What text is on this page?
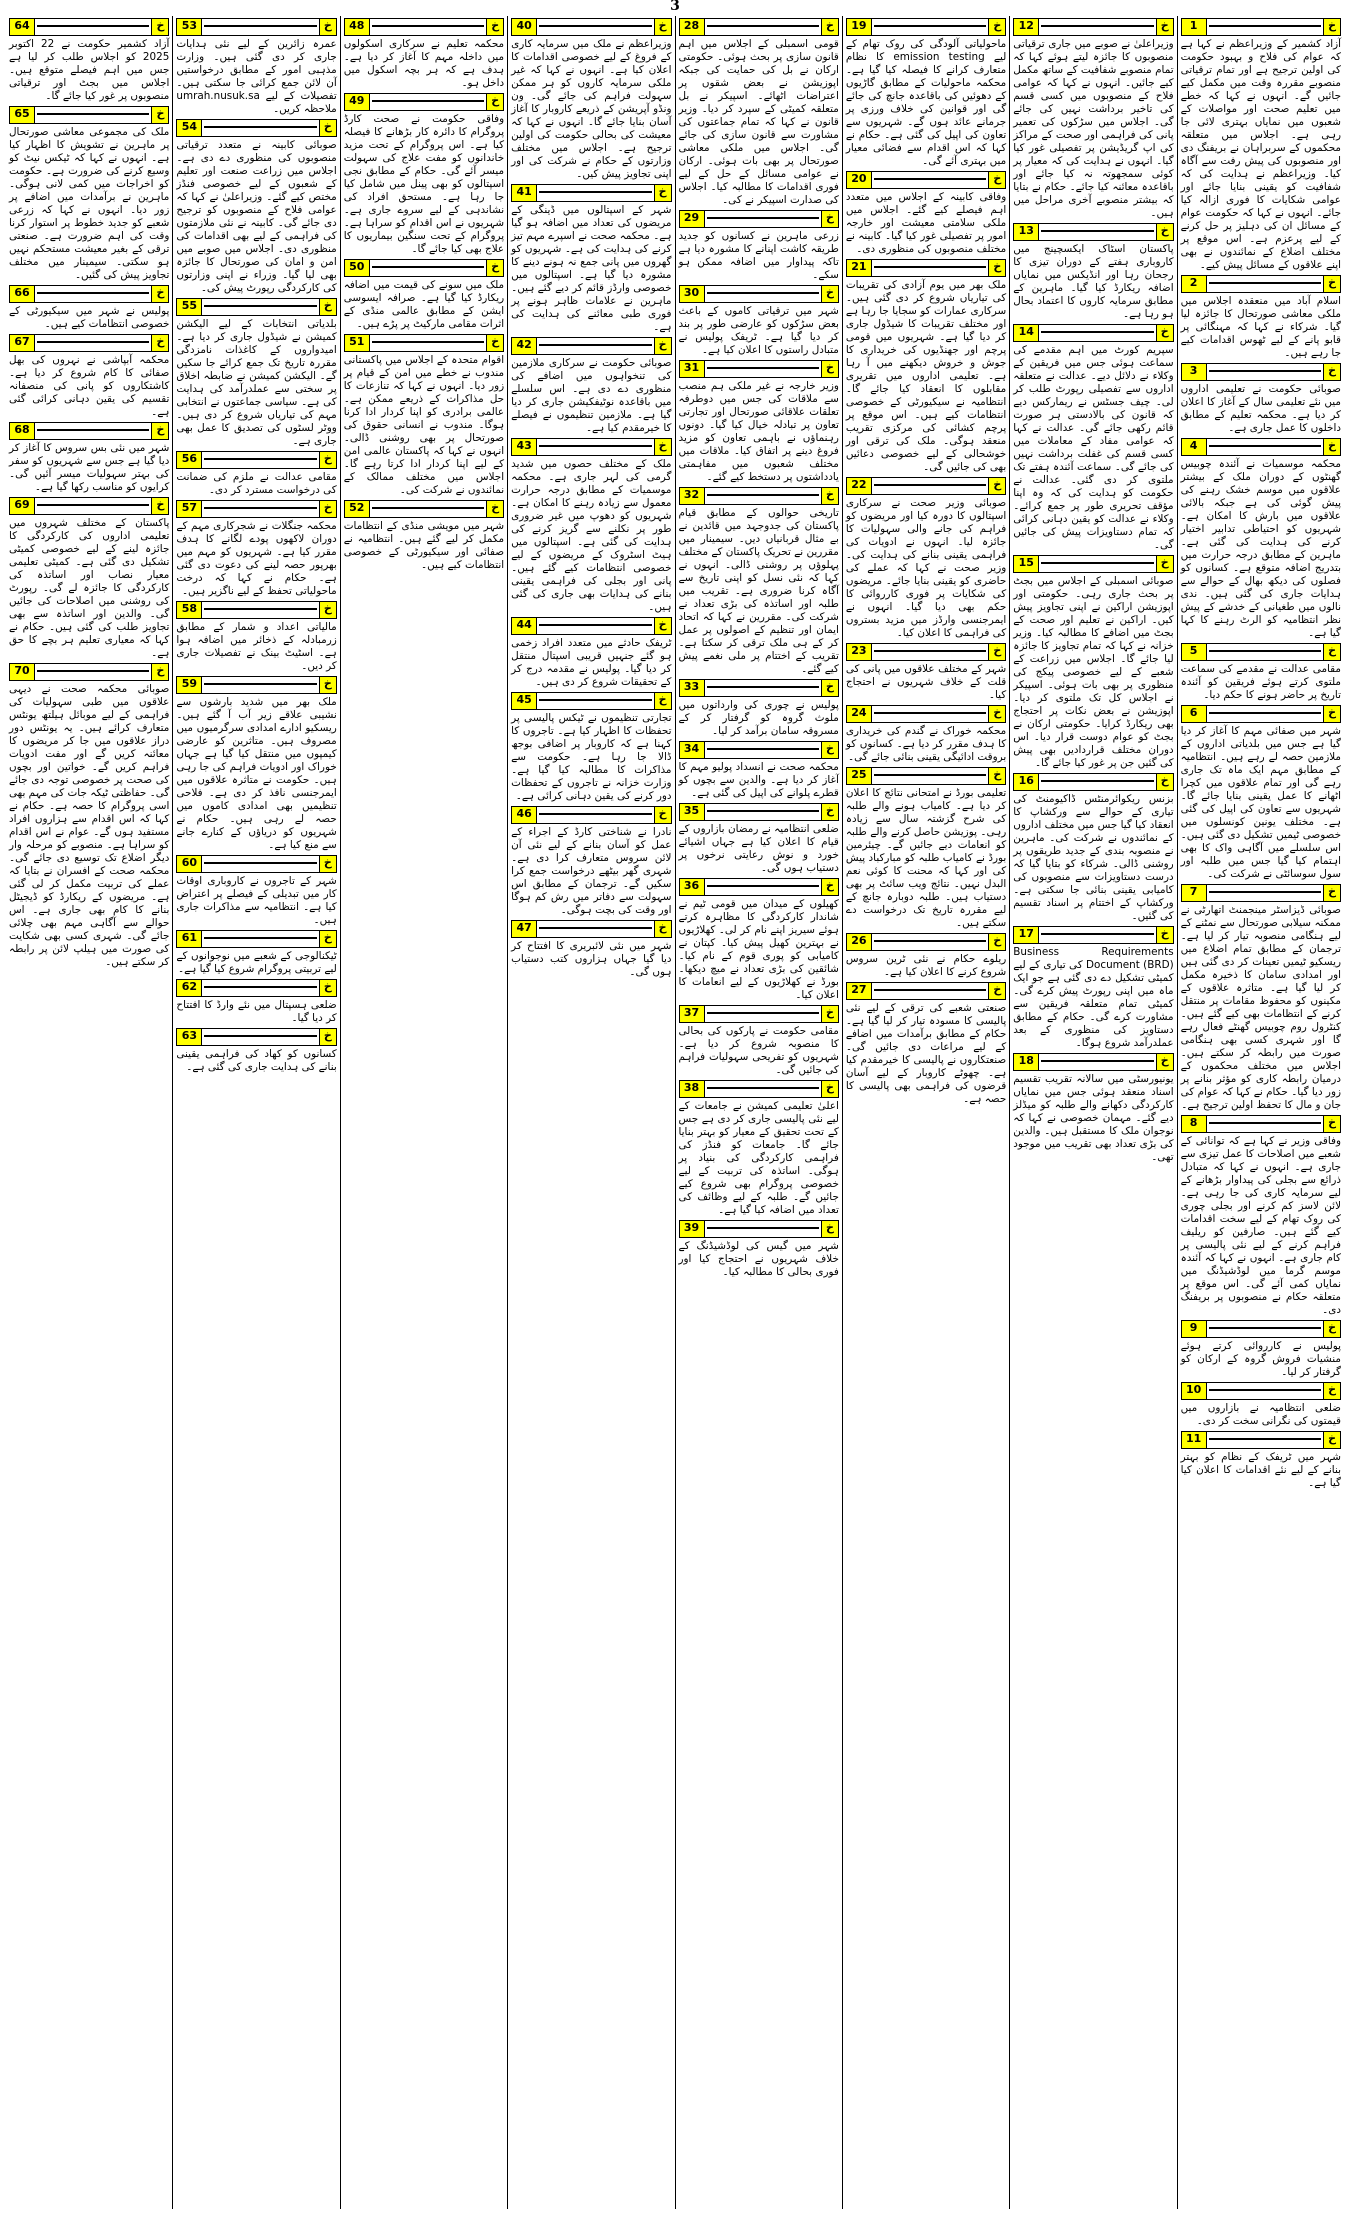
3
64	خ

آزاد کشمیر حکومت نے 22 اکتوبر 2025 کو اجلاس طلب کر لیا ہے جس میں اہم فیصلے متوقع ہیں۔ اجلاس میں بجٹ اور ترقیاتی منصوبوں پر غور کیا جائے گا۔

65	خ

ملک کی مجموعی معاشی صورتحال پر ماہرین نے تشویش کا اظہار کیا ہے۔ انہوں نے کہا کہ ٹیکس نیٹ کو وسیع کرنے کی ضرورت ہے۔ حکومت کو اخراجات میں کمی لانی ہوگی۔ ماہرین نے برآمدات میں اضافے پر زور دیا۔ انہوں نے کہا کہ زرعی شعبے کو جدید خطوط پر استوار کرنا وقت کی اہم ضرورت ہے۔ صنعتی ترقی کے بغیر معیشت مستحکم نہیں ہو سکتی۔ سیمینار میں مختلف تجاویز پیش کی گئیں۔

66	خ

پولیس نے شہر میں سیکیورٹی کے خصوصی انتظامات کیے ہیں۔

67	خ

محکمہ آبپاشی نے نہروں کی بھل صفائی کا کام شروع کر دیا ہے۔ کاشتکاروں کو پانی کی منصفانہ تقسیم کی یقین دہانی کرائی گئی ہے۔

68	خ

شہر میں نئی بس سروس کا آغاز کر دیا گیا ہے جس سے شہریوں کو سفر کی بہتر سہولیات میسر آئیں گی۔ کرایوں کو مناسب رکھا گیا ہے۔

69	خ

پاکستان کے مختلف شہروں میں تعلیمی اداروں کی کارکردگی کا جائزہ لینے کے لیے خصوصی کمیٹی تشکیل دی گئی ہے۔ کمیٹی تعلیمی معیار نصاب اور اساتذہ کی کارکردگی کا جائزہ لے گی۔ رپورٹ کی روشنی میں اصلاحات کی جائیں گی۔ والدین اور اساتذہ سے بھی تجاویز طلب کی گئی ہیں۔ حکام نے کہا کہ معیاری تعلیم ہر بچے کا حق ہے۔

70	خ

صوبائی محکمہ صحت نے دیہی علاقوں میں طبی سہولیات کی فراہمی کے لیے موبائل ہیلتھ یونٹس متعارف کرائے ہیں۔ یہ یونٹس دور دراز علاقوں میں جا کر مریضوں کا معائنہ کریں گے اور مفت ادویات فراہم کریں گے۔ خواتین اور بچوں کی صحت پر خصوصی توجہ دی جائے گی۔ حفاظتی ٹیکہ جات کی مہم بھی اسی پروگرام کا حصہ ہے۔ حکام نے کہا کہ اس اقدام سے ہزاروں افراد مستفید ہوں گے۔ عوام نے اس اقدام کو سراہا ہے۔ منصوبے کو مرحلہ وار دیگر اضلاع تک توسیع دی جائے گی۔ محکمہ صحت کے افسران نے بتایا کہ عملے کی تربیت مکمل کر لی گئی ہے۔ مریضوں کے ریکارڈ کو ڈیجیٹل بنانے کا کام بھی جاری ہے۔ اس حوالے سے آگاہی مہم بھی چلائی جائے گی۔ شہری کسی بھی شکایت کی صورت میں ہیلپ لائن پر رابطہ کر سکتے ہیں۔

53	خ

عمرہ زائرین کے لیے نئی ہدایات جاری کر دی گئی ہیں۔ وزارت مذہبی امور کے مطابق درخواستیں آن لائن جمع کرائی جا سکتی ہیں۔ تفصیلات کے لیے umrah.nusuk.sa ملاحظہ کریں۔

54	خ

صوبائی کابینہ نے متعدد ترقیاتی منصوبوں کی منظوری دے دی ہے۔ اجلاس میں زراعت صنعت اور تعلیم کے شعبوں کے لیے خصوصی فنڈز مختص کیے گئے۔ وزیراعلیٰ نے کہا کہ عوامی فلاح کے منصوبوں کو ترجیح دی جائے گی۔ کابینہ نے نئی ملازمتوں کی فراہمی کے لیے بھی اقدامات کی منظوری دی۔ اجلاس میں صوبے میں امن و امان کی صورتحال کا جائزہ بھی لیا گیا۔ وزراء نے اپنی وزارتوں کی کارکردگی رپورٹ پیش کی۔

55	خ

بلدیاتی انتخابات کے لیے الیکشن کمیشن نے شیڈول جاری کر دیا ہے۔ امیدواروں کے کاغذات نامزدگی مقررہ تاریخ تک جمع کرائے جا سکیں گے۔ الیکشن کمیشن نے ضابطہ اخلاق پر سختی سے عملدرآمد کی ہدایت کی ہے۔ سیاسی جماعتوں نے انتخابی مہم کی تیاریاں شروع کر دی ہیں۔ ووٹر لسٹوں کی تصدیق کا عمل بھی جاری ہے۔

56	خ

مقامی عدالت نے ملزم کی ضمانت کی درخواست مسترد کر دی۔

57	خ

محکمہ جنگلات نے شجرکاری مہم کے دوران لاکھوں پودے لگانے کا ہدف مقرر کیا ہے۔ شہریوں کو مہم میں بھرپور حصہ لینے کی دعوت دی گئی ہے۔ حکام نے کہا کہ درخت ماحولیاتی تحفظ کے لیے ناگزیر ہیں۔

58	خ

مالیاتی اعداد و شمار کے مطابق زرمبادلہ کے ذخائر میں اضافہ ہوا ہے۔ اسٹیٹ بینک نے تفصیلات جاری کر دیں۔

59	خ

ملک بھر میں شدید بارشوں سے نشیبی علاقے زیر آب آ گئے ہیں۔ ریسکیو ادارے امدادی سرگرمیوں میں مصروف ہیں۔ متاثرین کو عارضی کیمپوں میں منتقل کیا گیا ہے جہاں خوراک اور ادویات فراہم کی جا رہی ہیں۔ حکومت نے متاثرہ علاقوں میں ایمرجنسی نافذ کر دی ہے۔ فلاحی تنظیمیں بھی امدادی کاموں میں حصہ لے رہی ہیں۔ حکام نے شہریوں کو دریاؤں کے کنارے جانے سے منع کیا ہے۔

60	خ

شہر کے تاجروں نے کاروباری اوقات کار میں تبدیلی کے فیصلے پر اعتراض کیا ہے۔ انتظامیہ سے مذاکرات جاری ہیں۔

61	خ

ٹیکنالوجی کے شعبے میں نوجوانوں کے لیے تربیتی پروگرام شروع کیا گیا ہے۔

62	خ

ضلعی ہسپتال میں نئے وارڈ کا افتتاح کر دیا گیا۔

63	خ

کسانوں کو کھاد کی فراہمی یقینی بنانے کی ہدایت جاری کی گئی ہے۔

48	خ

محکمہ تعلیم نے سرکاری اسکولوں میں داخلہ مہم کا آغاز کر دیا ہے۔ ہدف ہے کہ ہر بچہ اسکول میں داخل ہو۔

49	خ

وفاقی حکومت نے صحت کارڈ پروگرام کا دائرہ کار بڑھانے کا فیصلہ کیا ہے۔ اس پروگرام کے تحت مزید خاندانوں کو مفت علاج کی سہولت میسر آئے گی۔ حکام کے مطابق نجی اسپتالوں کو بھی پینل میں شامل کیا جا رہا ہے۔ مستحق افراد کی نشاندہی کے لیے سروے جاری ہے۔ شہریوں نے اس اقدام کو سراہا ہے۔ پروگرام کے تحت سنگین بیماریوں کا علاج بھی کیا جائے گا۔

50	خ

ملک میں سونے کی قیمت میں اضافہ ریکارڈ کیا گیا ہے۔ صرافہ ایسوسی ایشن کے مطابق عالمی منڈی کے اثرات مقامی مارکیٹ پر پڑے ہیں۔

51	خ

اقوام متحدہ کے اجلاس میں پاکستانی مندوب نے خطے میں امن کے قیام پر زور دیا۔ انہوں نے کہا کہ تنازعات کا حل مذاکرات کے ذریعے ممکن ہے۔ عالمی برادری کو اپنا کردار ادا کرنا ہوگا۔ مندوب نے انسانی حقوق کی صورتحال پر بھی روشنی ڈالی۔ انہوں نے کہا کہ پاکستان عالمی امن کے لیے اپنا کردار ادا کرتا رہے گا۔ اجلاس میں مختلف ممالک کے نمائندوں نے شرکت کی۔

52	خ

شہر میں مویشی منڈی کے انتظامات مکمل کر لیے گئے ہیں۔ انتظامیہ نے صفائی اور سیکیورٹی کے خصوصی انتظامات کیے ہیں۔

40	خ

وزیراعظم نے ملک میں سرمایہ کاری کے فروغ کے لیے خصوصی اقدامات کا اعلان کیا ہے۔ انہوں نے کہا کہ غیر ملکی سرمایہ کاروں کو ہر ممکن سہولت فراہم کی جائے گی۔ ون ونڈو آپریشن کے ذریعے کاروبار کا آغاز آسان بنایا جائے گا۔ انہوں نے کہا کہ معیشت کی بحالی حکومت کی اولین ترجیح ہے۔ اجلاس میں مختلف وزارتوں کے حکام نے شرکت کی اور اپنی تجاویز پیش کیں۔

41	خ

شہر کے اسپتالوں میں ڈینگی کے مریضوں کی تعداد میں اضافہ ہو گیا ہے۔ محکمہ صحت نے اسپرے مہم تیز کرنے کی ہدایت کی ہے۔ شہریوں کو گھروں میں پانی جمع نہ ہونے دینے کا مشورہ دیا گیا ہے۔ اسپتالوں میں خصوصی وارڈز قائم کر دیے گئے ہیں۔ ماہرین نے علامات ظاہر ہونے پر فوری طبی معائنے کی ہدایت کی ہے۔

42	خ

صوبائی حکومت نے سرکاری ملازمین کی تنخواہوں میں اضافے کی منظوری دے دی ہے۔ اس سلسلے میں باقاعدہ نوٹیفکیشن جاری کر دیا گیا ہے۔ ملازمین تنظیموں نے فیصلے کا خیرمقدم کیا ہے۔

43	خ

ملک کے مختلف حصوں میں شدید گرمی کی لہر جاری ہے۔ محکمہ موسمیات کے مطابق درجہ حرارت معمول سے زیادہ رہنے کا امکان ہے۔ شہریوں کو دھوپ میں غیر ضروری طور پر نکلنے سے گریز کرنے کی ہدایت کی گئی ہے۔ اسپتالوں میں ہیٹ اسٹروک کے مریضوں کے لیے خصوصی انتظامات کیے گئے ہیں۔ پانی اور بجلی کی فراہمی یقینی بنانے کی ہدایات بھی جاری کی گئی ہیں۔

44	خ

ٹریفک حادثے میں متعدد افراد زخمی ہو گئے جنہیں قریبی اسپتال منتقل کر دیا گیا۔ پولیس نے مقدمہ درج کر کے تحقیقات شروع کر دی ہیں۔

45	خ

تجارتی تنظیموں نے ٹیکس پالیسی پر تحفظات کا اظہار کیا ہے۔ تاجروں کا کہنا ہے کہ کاروبار پر اضافی بوجھ ڈالا جا رہا ہے۔ حکومت سے مذاکرات کا مطالبہ کیا گیا ہے۔ وزارت خزانہ نے تاجروں کے تحفظات دور کرنے کی یقین دہانی کرائی ہے۔

46	خ

نادرا نے شناختی کارڈ کے اجراء کے عمل کو آسان بنانے کے لیے نئی آن لائن سروس متعارف کرا دی ہے۔ شہری گھر بیٹھے درخواست جمع کرا سکیں گے۔ ترجمان کے مطابق اس سہولت سے دفاتر میں رش کم ہوگا اور وقت کی بچت ہوگی۔

47	خ

شہر میں نئی لائبریری کا افتتاح کر دیا گیا جہاں ہزاروں کتب دستیاب ہوں گی۔

28	خ

قومی اسمبلی کے اجلاس میں اہم قانون سازی پر بحث ہوئی۔ حکومتی ارکان نے بل کی حمایت کی جبکہ اپوزیشن نے بعض شقوں پر اعتراضات اٹھائے۔ اسپیکر نے بل متعلقہ کمیٹی کے سپرد کر دیا۔ وزیر قانون نے کہا کہ تمام جماعتوں کی مشاورت سے قانون سازی کی جائے گی۔ اجلاس میں ملکی معاشی صورتحال پر بھی بات ہوئی۔ ارکان نے عوامی مسائل کے حل کے لیے فوری اقدامات کا مطالبہ کیا۔ اجلاس کی صدارت اسپیکر نے کی۔

29	خ

زرعی ماہرین نے کسانوں کو جدید طریقہ کاشت اپنانے کا مشورہ دیا ہے تاکہ پیداوار میں اضافہ ممکن ہو سکے۔

30	خ

شہر میں ترقیاتی کاموں کے باعث بعض سڑکوں کو عارضی طور پر بند کر دیا گیا ہے۔ ٹریفک پولیس نے متبادل راستوں کا اعلان کیا ہے۔

31	خ

وزیر خارجہ نے غیر ملکی ہم منصب سے ملاقات کی جس میں دوطرفہ تعلقات علاقائی صورتحال اور تجارتی تعاون پر تبادلہ خیال کیا گیا۔ دونوں رہنماؤں نے باہمی تعاون کو مزید فروغ دینے پر اتفاق کیا۔ ملاقات میں مختلف شعبوں میں مفاہمتی یادداشتوں پر دستخط کیے گئے۔

32	خ

تاریخی حوالوں کے مطابق قیام پاکستان کی جدوجہد میں قائدین نے بے مثال قربانیاں دیں۔ سیمینار میں مقررین نے تحریک پاکستان کے مختلف پہلوؤں پر روشنی ڈالی۔ انہوں نے کہا کہ نئی نسل کو اپنی تاریخ سے آگاہ کرنا ضروری ہے۔ تقریب میں طلبہ اور اساتذہ کی بڑی تعداد نے شرکت کی۔ مقررین نے کہا کہ اتحاد ایمان اور تنظیم کے اصولوں پر عمل کر کے ہی ملک ترقی کر سکتا ہے۔ تقریب کے اختتام پر ملی نغمے پیش کیے گئے۔

33	خ

پولیس نے چوری کی وارداتوں میں ملوث گروہ کو گرفتار کر کے مسروقہ سامان برآمد کر لیا۔

34	خ

محکمہ صحت نے انسداد پولیو مہم کا آغاز کر دیا ہے۔ والدین سے بچوں کو قطرے پلوانے کی اپیل کی گئی ہے۔

35	خ

ضلعی انتظامیہ نے رمضان بازاروں کے قیام کا اعلان کیا ہے جہاں اشیائے خورد و نوش رعایتی نرخوں پر دستیاب ہوں گی۔

36	خ

کھیلوں کے میدان میں قومی ٹیم نے شاندار کارکردگی کا مظاہرہ کرتے ہوئے سیریز اپنے نام کر لی۔ کھلاڑیوں نے بہترین کھیل پیش کیا۔ کپتان نے کامیابی کو پوری قوم کے نام کیا۔ شائقین کی بڑی تعداد نے میچ دیکھا۔ بورڈ نے کھلاڑیوں کے لیے انعامات کا اعلان کیا۔

37	خ

مقامی حکومت نے پارکوں کی بحالی کا منصوبہ شروع کر دیا ہے۔ شہریوں کو تفریحی سہولیات فراہم کی جائیں گی۔

38	خ

اعلیٰ تعلیمی کمیشن نے جامعات کے لیے نئی پالیسی جاری کر دی ہے جس کے تحت تحقیق کے معیار کو بہتر بنایا جائے گا۔ جامعات کو فنڈز کی فراہمی کارکردگی کی بنیاد پر ہوگی۔ اساتذہ کی تربیت کے لیے خصوصی پروگرام بھی شروع کیے جائیں گے۔ طلبہ کے لیے وظائف کی تعداد میں اضافہ کیا گیا ہے۔

39	خ

شہر میں گیس کی لوڈشیڈنگ کے خلاف شہریوں نے احتجاج کیا اور فوری بحالی کا مطالبہ کیا۔

19	خ

ماحولیاتی آلودگی کی روک تھام کے لیے emission testing کا نظام متعارف کرانے کا فیصلہ کیا گیا ہے۔ محکمہ ماحولیات کے مطابق گاڑیوں کے دھوئیں کی باقاعدہ جانچ کی جائے گی اور قوانین کی خلاف ورزی پر جرمانے عائد ہوں گے۔ شہریوں سے تعاون کی اپیل کی گئی ہے۔ حکام نے کہا کہ اس اقدام سے فضائی معیار میں بہتری آئے گی۔

20	خ

وفاقی کابینہ کے اجلاس میں متعدد اہم فیصلے کیے گئے۔ اجلاس میں ملکی سلامتی معیشت اور خارجہ امور پر تفصیلی غور کیا گیا۔ کابینہ نے مختلف منصوبوں کی منظوری دی۔

21	خ

ملک بھر میں یوم آزادی کی تقریبات کی تیاریاں شروع کر دی گئی ہیں۔ سرکاری عمارات کو سجایا جا رہا ہے اور مختلف تقریبات کا شیڈول جاری کر دیا گیا ہے۔ شہریوں میں قومی پرچم اور جھنڈیوں کی خریداری کا جوش و خروش دیکھنے میں آ رہا ہے۔ تعلیمی اداروں میں تقریری مقابلوں کا انعقاد کیا جائے گا۔ انتظامیہ نے سیکیورٹی کے خصوصی انتظامات کیے ہیں۔ اس موقع پر پرچم کشائی کی مرکزی تقریب منعقد ہوگی۔ ملک کی ترقی اور خوشحالی کے لیے خصوصی دعائیں بھی کی جائیں گی۔

22	خ

صوبائی وزیر صحت نے سرکاری اسپتالوں کا دورہ کیا اور مریضوں کو فراہم کی جانے والی سہولیات کا جائزہ لیا۔ انہوں نے ادویات کی فراہمی یقینی بنانے کی ہدایت کی۔ وزیر صحت نے کہا کہ عملے کی حاضری کو یقینی بنایا جائے۔ مریضوں کی شکایات پر فوری کارروائی کا حکم بھی دیا گیا۔ انہوں نے ایمرجنسی وارڈز میں مزید بستروں کی فراہمی کا اعلان کیا۔

23	خ

شہر کے مختلف علاقوں میں پانی کی قلت کے خلاف شہریوں نے احتجاج کیا۔

24	خ

محکمہ خوراک نے گندم کی خریداری کا ہدف مقرر کر دیا ہے۔ کسانوں کو بروقت ادائیگی یقینی بنائی جائے گی۔

25	خ

تعلیمی بورڈ نے امتحانی نتائج کا اعلان کر دیا ہے۔ کامیاب ہونے والے طلبہ کی شرح گزشتہ سال سے زیادہ رہی۔ پوزیشن حاصل کرنے والے طلبہ کو انعامات دیے جائیں گے۔ چیئرمین بورڈ نے کامیاب طلبہ کو مبارکباد پیش کی اور کہا کہ محنت کا کوئی نعم البدل نہیں۔ نتائج ویب سائٹ پر بھی دستیاب ہیں۔ طلبہ دوبارہ جانچ کے لیے مقررہ تاریخ تک درخواست دے سکتے ہیں۔

26	خ

ریلوے حکام نے نئی ٹرین سروس شروع کرنے کا اعلان کیا ہے۔

27	خ

صنعتی شعبے کی ترقی کے لیے نئی پالیسی کا مسودہ تیار کر لیا گیا ہے۔ حکام کے مطابق برآمدات میں اضافے کے لیے مراعات دی جائیں گی۔ صنعتکاروں نے پالیسی کا خیرمقدم کیا ہے۔ چھوٹے کاروبار کے لیے آسان قرضوں کی فراہمی بھی پالیسی کا حصہ ہے۔

12	خ

وزیراعلیٰ نے صوبے میں جاری ترقیاتی منصوبوں کا جائزہ لیتے ہوئے کہا کہ تمام منصوبے شفافیت کے ساتھ مکمل کیے جائیں۔ انہوں نے کہا کہ عوامی فلاح کے منصوبوں میں کسی قسم کی تاخیر برداشت نہیں کی جائے گی۔ اجلاس میں سڑکوں کی تعمیر پانی کی فراہمی اور صحت کے مراکز کی اپ گریڈیشن پر تفصیلی غور کیا گیا۔ انہوں نے ہدایت کی کہ معیار پر کوئی سمجھوتہ نہ کیا جائے اور باقاعدہ معائنہ کیا جائے۔ حکام نے بتایا کہ بیشتر منصوبے آخری مراحل میں ہیں۔

13	خ

پاکستان اسٹاک ایکسچینج میں کاروباری ہفتے کے دوران تیزی کا رجحان رہا اور انڈیکس میں نمایاں اضافہ ریکارڈ کیا گیا۔ ماہرین کے مطابق سرمایہ کاروں کا اعتماد بحال ہو رہا ہے۔

14	خ

سپریم کورٹ میں اہم مقدمے کی سماعت ہوئی جس میں فریقین کے وکلاء نے دلائل دیے۔ عدالت نے متعلقہ اداروں سے تفصیلی رپورٹ طلب کر لی۔ چیف جسٹس نے ریمارکس دیے کہ قانون کی بالادستی ہر صورت قائم رکھی جائے گی۔ عدالت نے کہا کہ عوامی مفاد کے معاملات میں کسی قسم کی غفلت برداشت نہیں کی جائے گی۔ سماعت آئندہ ہفتے تک ملتوی کر دی گئی۔ عدالت نے حکومت کو ہدایت کی کہ وہ اپنا مؤقف تحریری طور پر جمع کرائے۔ وکلاء نے عدالت کو یقین دہانی کرائی کہ تمام دستاویزات پیش کی جائیں گی۔

15	خ

صوبائی اسمبلی کے اجلاس میں بجٹ پر بحث جاری رہی۔ حکومتی اور اپوزیشن اراکین نے اپنی تجاویز پیش کیں۔ اراکین نے تعلیم اور صحت کے بجٹ میں اضافے کا مطالبہ کیا۔ وزیر خزانہ نے کہا کہ تمام تجاویز کا جائزہ لیا جائے گا۔ اجلاس میں زراعت کے شعبے کے لیے خصوصی پیکج کی منظوری پر بھی بات ہوئی۔ اسپیکر نے اجلاس کل تک ملتوی کر دیا۔ اپوزیشن نے بعض نکات پر احتجاج بھی ریکارڈ کرایا۔ حکومتی ارکان نے بجٹ کو عوام دوست قرار دیا۔ اس دوران مختلف قراردادیں بھی پیش کی گئیں جن پر غور کیا جائے گا۔

16	خ

بزنس ریکوائرمنٹس ڈاکیومنٹ کی تیاری کے حوالے سے ورکشاپ کا انعقاد کیا گیا جس میں مختلف اداروں کے نمائندوں نے شرکت کی۔ ماہرین نے منصوبہ بندی کے جدید طریقوں پر روشنی ڈالی۔ شرکاء کو بتایا گیا کہ درست دستاویزات سے منصوبوں کی کامیابی یقینی بنائی جا سکتی ہے۔ ورکشاپ کے اختتام پر اسناد تقسیم کی گئیں۔

17	خ

Business Requirements Document (BRD) کی تیاری کے لیے کمیٹی تشکیل دے دی گئی ہے جو ایک ماہ میں اپنی رپورٹ پیش کرے گی۔ کمیٹی تمام متعلقہ فریقین سے مشاورت کرے گی۔ حکام کے مطابق دستاویز کی منظوری کے بعد عملدرآمد شروع ہوگا۔

18	خ

یونیورسٹی میں سالانہ تقریب تقسیم اسناد منعقد ہوئی جس میں نمایاں کارکردگی دکھانے والے طلبہ کو میڈلز دیے گئے۔ مہمان خصوصی نے کہا کہ نوجوان ملک کا مستقبل ہیں۔ والدین کی بڑی تعداد بھی تقریب میں موجود تھی۔

1	خ

آزاد کشمیر کے وزیراعظم نے کہا ہے کہ عوام کی فلاح و بہبود حکومت کی اولین ترجیح ہے اور تمام ترقیاتی منصوبے مقررہ وقت میں مکمل کیے جائیں گے۔ انہوں نے کہا کہ خطے میں تعلیم صحت اور مواصلات کے شعبوں میں نمایاں بہتری لائی جا رہی ہے۔ اجلاس میں متعلقہ محکموں کے سربراہان نے بریفنگ دی اور منصوبوں کی پیش رفت سے آگاہ کیا۔ وزیراعظم نے ہدایت کی کہ شفافیت کو یقینی بنایا جائے اور عوامی شکایات کا فوری ازالہ کیا جائے۔ انہوں نے کہا کہ حکومت عوام کے مسائل ان کی دہلیز پر حل کرنے کے لیے پرعزم ہے۔ اس موقع پر مختلف اضلاع کے نمائندوں نے بھی اپنے علاقوں کے مسائل پیش کیے۔

2	خ

اسلام آباد میں منعقدہ اجلاس میں ملکی معاشی صورتحال کا جائزہ لیا گیا۔ شرکاء نے کہا کہ مہنگائی پر قابو پانے کے لیے ٹھوس اقدامات کیے جا رہے ہیں۔

3	خ

صوبائی حکومت نے تعلیمی اداروں میں نئے تعلیمی سال کے آغاز کا اعلان کر دیا ہے۔ محکمہ تعلیم کے مطابق داخلوں کا عمل جاری ہے۔

4	خ

محکمہ موسمیات نے آئندہ چوبیس گھنٹوں کے دوران ملک کے بیشتر علاقوں میں موسم خشک رہنے کی پیش گوئی کی ہے جبکہ بالائی علاقوں میں بارش کا امکان ہے۔ شہریوں کو احتیاطی تدابیر اختیار کرنے کی ہدایت کی گئی ہے۔ ماہرین کے مطابق درجہ حرارت میں بتدریج اضافہ متوقع ہے۔ کسانوں کو فصلوں کی دیکھ بھال کے حوالے سے ہدایات جاری کی گئی ہیں۔ ندی نالوں میں طغیانی کے خدشے کے پیش نظر انتظامیہ کو الرٹ رہنے کا کہا گیا ہے۔

5	خ

مقامی عدالت نے مقدمے کی سماعت ملتوی کرتے ہوئے فریقین کو آئندہ تاریخ پر حاضر ہونے کا حکم دیا۔

6	خ

شہر میں صفائی مہم کا آغاز کر دیا گیا ہے جس میں بلدیاتی اداروں کے ملازمین حصہ لے رہے ہیں۔ انتظامیہ کے مطابق مہم ایک ماہ تک جاری رہے گی اور تمام علاقوں میں کچرا اٹھانے کا عمل یقینی بنایا جائے گا۔ شہریوں سے تعاون کی اپیل کی گئی ہے۔ مختلف یونین کونسلوں میں خصوصی ٹیمیں تشکیل دی گئی ہیں۔ اس سلسلے میں آگاہی واک کا بھی اہتمام کیا گیا جس میں طلبہ اور سول سوسائٹی نے شرکت کی۔

7	خ

صوبائی ڈیزاسٹر مینجمنٹ اتھارٹی نے ممکنہ سیلابی صورتحال سے نمٹنے کے لیے ہنگامی منصوبہ تیار کر لیا ہے۔ ترجمان کے مطابق تمام اضلاع میں ریسکیو ٹیمیں تعینات کر دی گئی ہیں اور امدادی سامان کا ذخیرہ مکمل کر لیا گیا ہے۔ متاثرہ علاقوں کے مکینوں کو محفوظ مقامات پر منتقل کرنے کے انتظامات بھی کیے گئے ہیں۔ کنٹرول روم چوبیس گھنٹے فعال رہے گا اور شہری کسی بھی ہنگامی صورت میں رابطہ کر سکتے ہیں۔ اجلاس میں مختلف محکموں کے درمیان رابطہ کاری کو مؤثر بنانے پر زور دیا گیا۔ حکام نے کہا کہ عوام کی جان و مال کا تحفظ اولین ترجیح ہے۔

8	خ

وفاقی وزیر نے کہا ہے کہ توانائی کے شعبے میں اصلاحات کا عمل تیزی سے جاری ہے۔ انہوں نے کہا کہ متبادل ذرائع سے بجلی کی پیداوار بڑھانے کے لیے سرمایہ کاری کی جا رہی ہے۔ لائن لاسز کم کرنے اور بجلی چوری کی روک تھام کے لیے سخت اقدامات کیے گئے ہیں۔ صارفین کو ریلیف فراہم کرنے کے لیے نئی پالیسی پر کام جاری ہے۔ انہوں نے کہا کہ آئندہ موسم گرما میں لوڈشیڈنگ میں نمایاں کمی آئے گی۔ اس موقع پر متعلقہ حکام نے منصوبوں پر بریفنگ دی۔

9	خ

پولیس نے کارروائی کرتے ہوئے منشیات فروش گروہ کے ارکان کو گرفتار کر لیا۔

10	خ

ضلعی انتظامیہ نے بازاروں میں قیمتوں کی نگرانی سخت کر دی۔

11	خ

شہر میں ٹریفک کے نظام کو بہتر بنانے کے لیے نئے اقدامات کا اعلان کیا گیا ہے۔
